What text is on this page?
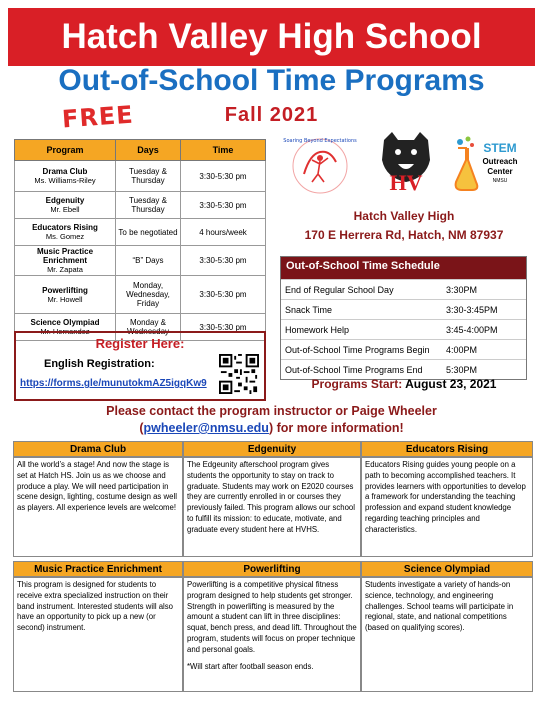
Hatch Valley High School
Out-of-School Time Programs
Fall 2021
FREE
Program	Days	Time

Drama Club
Ms. Williams-Riley	Tuesday & Thursday	3:30-5:30 pm

Edgenuity
Mr. Ebell	Tuesday & Thursday	3:30-5:30 pm

Educators Rising
Ms. Gomez	To be negotiated	4 hours/week

Music Practice Enrichment
Mr. Zapata	“B” Days	3:30-5:30 pm

Powerlifting
Mr. Howell	Monday, Wednesday, Friday	3:30-5:30 pm

Science Olympiad
Mr. Hernandez	Monday & Wednesday	3:30-5:30 pm
Register Here:
English Registration:
https://forms.gle/munutokmAZ5igqKw9
Soaring Beyond Expectations
HV
STEM
Outreach
Center
NMSU
Hatch Valley High
170 E Herrera Rd, Hatch, NM 87937
Out-of-School Time Schedule
End of Regular School Day	3:30PM
Snack Time	3:30-3:45PM
Homework Help	3:45-4:00PM
Out-of-School Time Programs Begin	4:00PM
Out-of-School Time Programs End	5:30PM
Programs Start: August 23, 2021
Please contact the program instructor or Paige Wheeler
(pwheeler@nmsu.edu) for more information!
Drama Club	Edgenuity	Educators Rising
All the world’s a stage! And now the stage is set at Hatch HS. Join us as we choose and produce a play. We will need participation in scene design, lighting, costume design as well as players. All experience levels are welcome!
The Edgeunity afterschool program gives students the opportunity to stay on track to graduate. Students may work on E2020 courses they are currently enrolled in or courses they previously failed. This program allows our school to fulfill its mission: to educate, motivate, and graduate every student here at HVHS.
Educators Rising guides young people on a path to becoming accomplished teachers. It provides learners with opportunities to develop a framework for understanding the teaching profession and expand student knowledge regarding teaching principles and characteristics.
Music Practice Enrichment	Powerlifting	Science Olympiad
This program is designed for students to receive extra specialized instruction on their band instrument. Interested students will also have an opportunity to pick up a new (or second) instrument.
Powerlifting is a competitive physical fitness program designed to help students get stronger. Strength in powerlifting is measured by the amount a student can lift in three disciplines: squat, bench press, and dead lift. Throughout the program, students will focus on proper technique and personal goals.
*Will start after football season ends.
Students investigate a variety of hands-on science, technology, and engineering challenges. School teams will participate in regional, state, and national competitions (based on qualifying scores).
